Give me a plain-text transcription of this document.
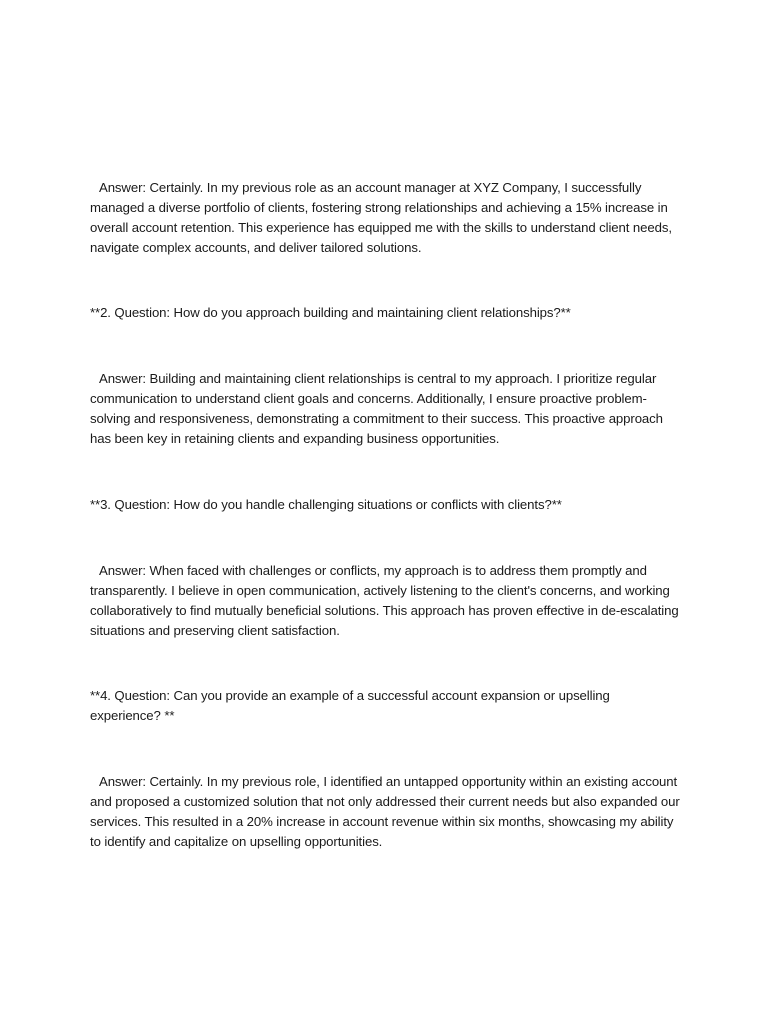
Answer: Certainly. In my previous role as an account manager at XYZ Company, I successfully managed a diverse portfolio of clients, fostering strong relationships and achieving a 15% increase in overall account retention. This experience has equipped me with the skills to understand client needs, navigate complex accounts, and deliver tailored solutions.

**2. Question: How do you approach building and maintaining client relationships?**

Answer: Building and maintaining client relationships is central to my approach. I prioritize regular communication to understand client goals and concerns. Additionally, I ensure proactive problem-solving and responsiveness, demonstrating a commitment to their success. This proactive approach has been key in retaining clients and expanding business opportunities.

**3. Question: How do you handle challenging situations or conflicts with clients?**

Answer: When faced with challenges or conflicts, my approach is to address them promptly and transparently. I believe in open communication, actively listening to the client's concerns, and working collaboratively to find mutually beneficial solutions. This approach has proven effective in de-escalating situations and preserving client satisfaction.

**4. Question: Can you provide an example of a successful account expansion or upselling experience? **

Answer: Certainly. In my previous role, I identified an untapped opportunity within an existing account and proposed a customized solution that not only addressed their current needs but also expanded our services. This resulted in a 20% increase in account revenue within six months, showcasing my ability to identify and capitalize on upselling opportunities.
